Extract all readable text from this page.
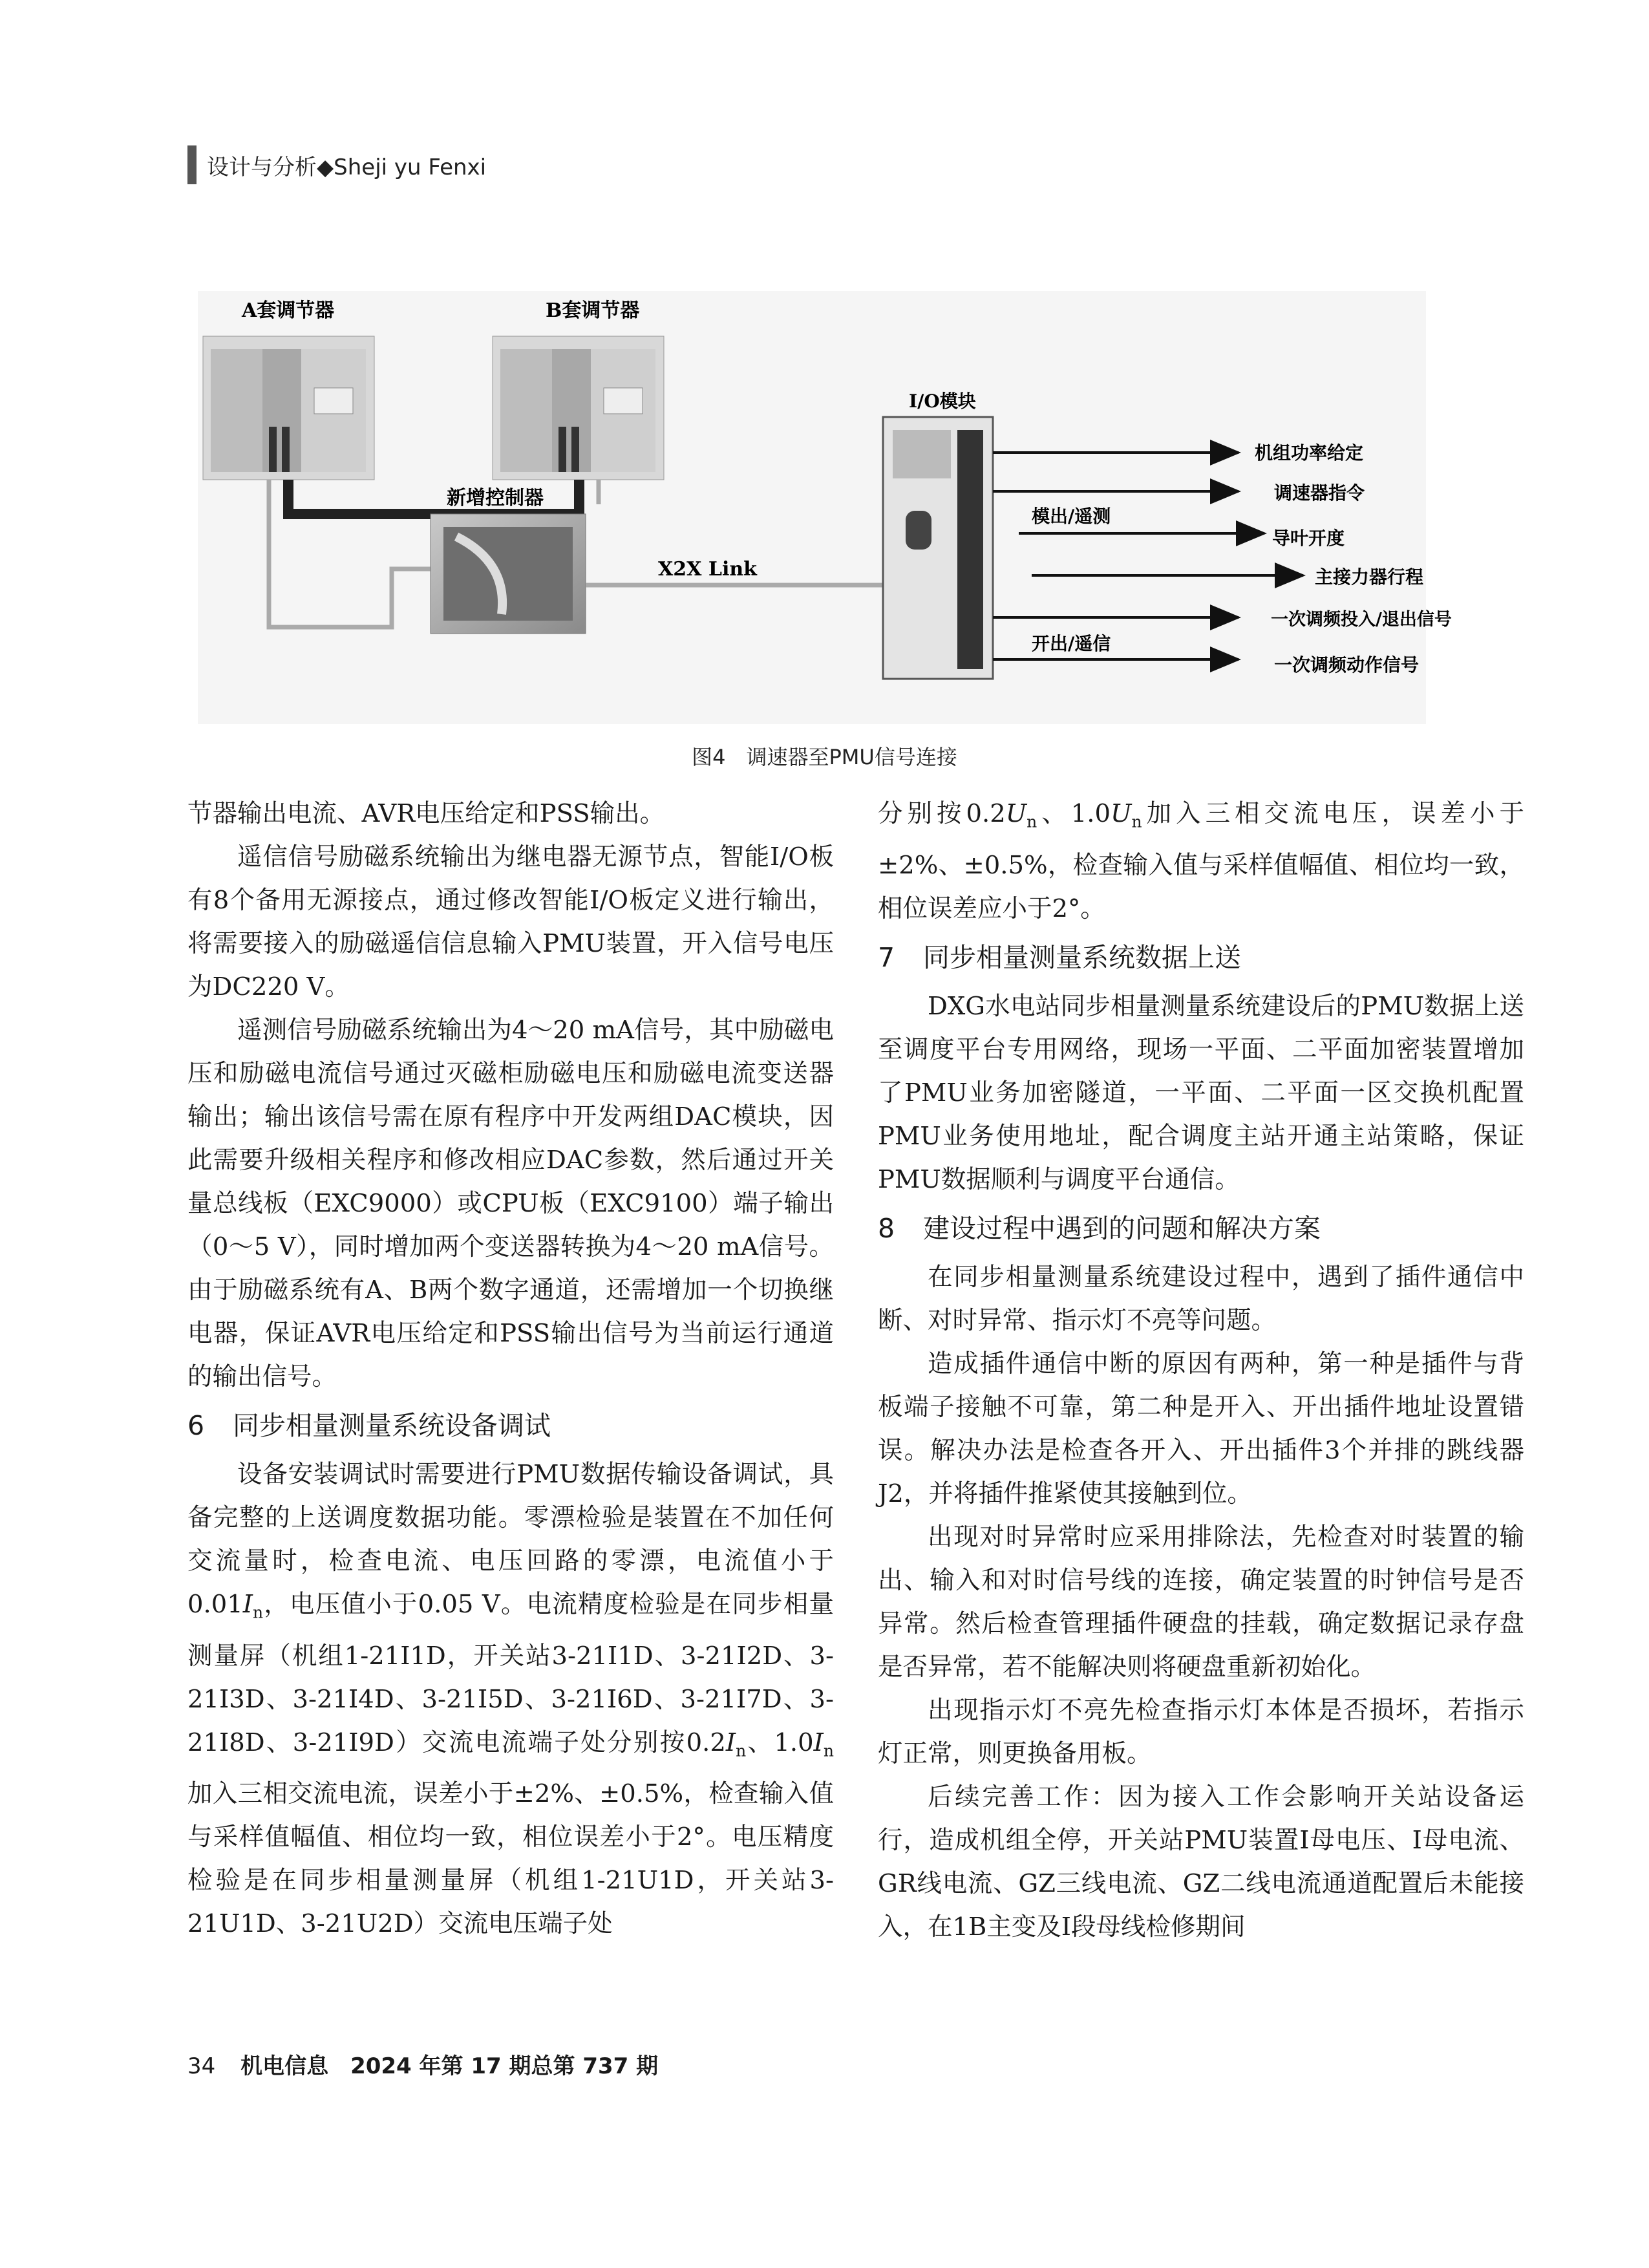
设计与分析◆Sheji yu Fenxi
A套调节器	B套调节器
新增控制器
X2X Link
I/O模块
模出/遥测
开出/遥信
机组功率给定
调速器指令
导叶开度
主接力器行程
一次调频投入/退出信号
一次调频动作信号
图4　调速器至PMU信号连接

节器输出电流、AVR电压给定和PSS输出。

遥信信号励磁系统输出为继电器无源节点，智能I/O板有8个备用无源接点，通过修改智能I/O板定义进行输出，将需要接入的励磁遥信信息输入PMU装置，开入信号电压为DC220 V。

遥测信号励磁系统输出为4～20 mA信号，其中励磁电压和励磁电流信号通过灭磁柜励磁电压和励磁电流变送器输出；输出该信号需在原有程序中开发两组DAC模块，因此需要升级相关程序和修改相应DAC参数，然后通过开关量总线板（EXC9000）或CPU板（EXC9100）端子输出（0～5 V），同时增加两个变送器转换为4～20 mA信号。由于励磁系统有A、B两个数字通道，还需增加一个切换继电器，保证AVR电压给定和PSS输出信号为当前运行通道的输出信号。

6 同步相量测量系统设备调试

设备安装调试时需要进行PMU数据传输设备调试，具备完整的上送调度数据功能。零漂检验是装置在不加任何交流量时，检查电流、电压回路的零漂，电流值小于$0.01I_n$，电压值小于0.05 V。电流精度检验是在同步相量测量屏（机组1-21I1D，开关站3-21I1D、3-21I2D、3-21I3D、3-21I4D、3-21I5D、3-21I6D、3-21I7D、3-21I8D、3-21I9D）交流电流端子处分别按$0.2I_n$、$1.0I_n$加入三相交流电流，误差小于±2%、±0.5%，检查输入值与采样值幅值、相位均一致，相位误差小于2°。电压精度检验是在同步相量测量屏（机组1-21U1D，开关站3-21U1D、3-21U2D）交流电压端子处

分别按$0.2U_n$、$1.0U_n$加入三相交流电压，误差小于±2%、±0.5%，检查输入值与采样值幅值、相位均一致，相位误差应小于2°。

7 同步相量测量系统数据上送

DXG水电站同步相量测量系统建设后的PMU数据上送至调度平台专用网络，现场一平面、二平面加密装置增加了PMU业务加密隧道，一平面、二平面一区交换机配置PMU业务使用地址，配合调度主站开通主站策略，保证PMU数据顺利与调度平台通信。

8 建设过程中遇到的问题和解决方案

在同步相量测量系统建设过程中，遇到了插件通信中断、对时异常、指示灯不亮等问题。

造成插件通信中断的原因有两种，第一种是插件与背板端子接触不可靠，第二种是开入、开出插件地址设置错误。解决办法是检查各开入、开出插件3个并排的跳线器J2，并将插件推紧使其接触到位。

出现对时异常时应采用排除法，先检查对时装置的输出、输入和对时信号线的连接，确定装置的时钟信号是否异常。然后检查管理插件硬盘的挂载，确定数据记录存盘是否异常，若不能解决则将硬盘重新初始化。

出现指示灯不亮先检查指示灯本体是否损坏，若指示灯正常，则更换备用板。

后续完善工作：因为接入工作会影响开关站设备运行，造成机组全停，开关站PMU装置Ⅰ母电压、Ⅰ母电流、GR线电流、GZ三线电流、GZ二线电流通道配置后未能接入，在1B主变及Ⅰ段母线检修期间

34 机电信息　2024 年第 17 期总第 737 期
